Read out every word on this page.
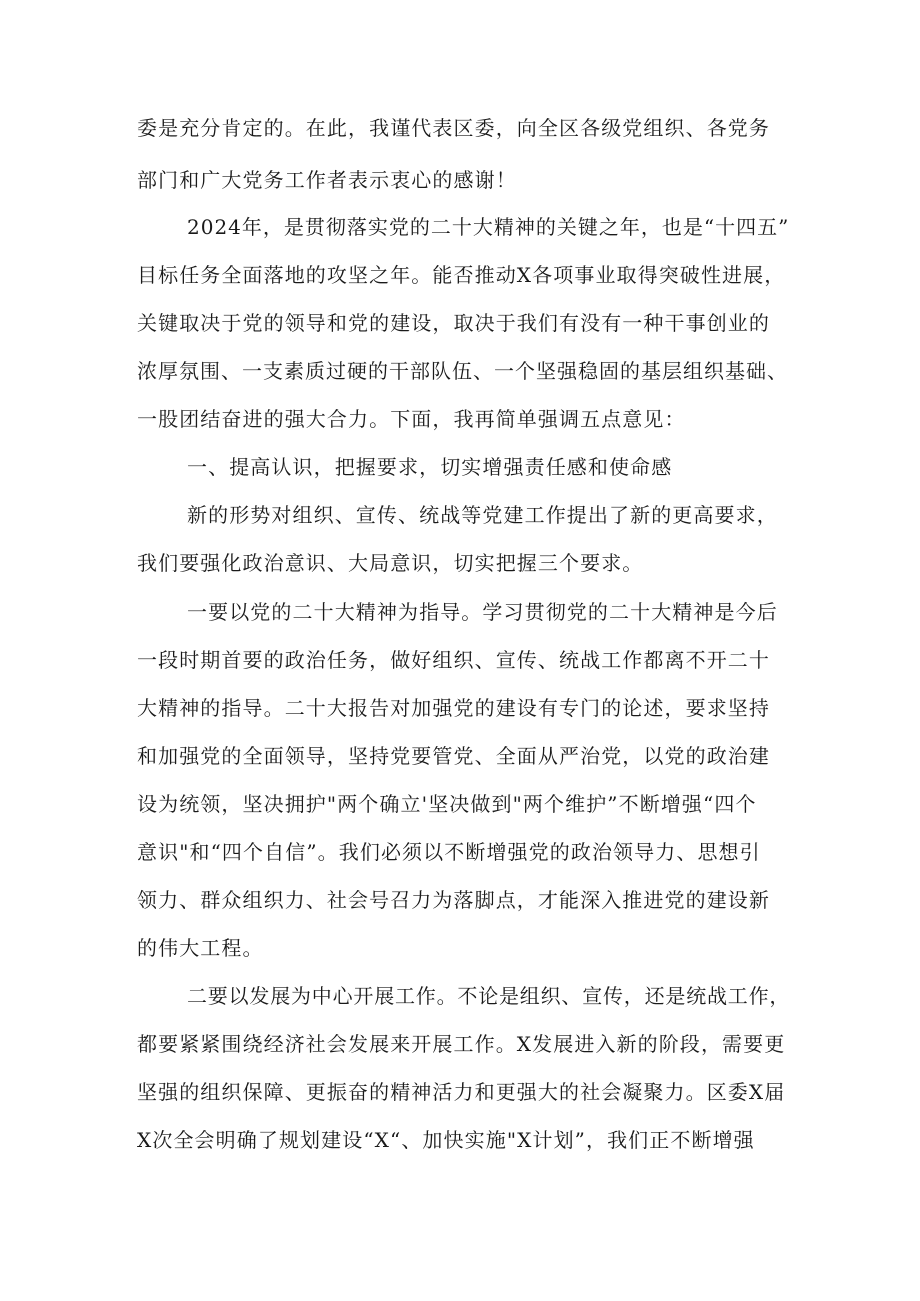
委是充分肯定的。在此，我谨代表区委，向全区各级党组织、各党务

部门和广大党务工作者表示衷心的感谢！

2024年，是贯彻落实党的二十大精神的关键之年，也是“十四五”

目标任务全面落地的攻坚之年。能否推动X各项事业取得突破性进展，

关键取决于党的领导和党的建设，取决于我们有没有一种干事创业的

浓厚氛围、一支素质过硬的干部队伍、一个坚强稳固的基层组织基础、

一股团结奋进的强大合力。下面，我再简单强调五点意见：

一、提高认识，把握要求，切实增强责任感和使命感

新的形势对组织、宣传、统战等党建工作提出了新的更高要求，

我们要强化政治意识、大局意识，切实把握三个要求。

一要以党的二十大精神为指导。学习贯彻党的二十大精神是今后

一段时期首要的政治任务，做好组织、宣传、统战工作都离不开二十

大精神的指导。二十大报告对加强党的建设有专门的论述，要求坚持

和加强党的全面领导，坚持党要管党、全面从严治党，以党的政治建

设为统领，坚决拥护"两个确立'坚决做到"两个维护”不断增强“四个

意识"和“四个自信”。我们必须以不断增强党的政治领导力、思想引

领力、群众组织力、社会号召力为落脚点，才能深入推进党的建设新

的伟大工程。

二要以发展为中心开展工作。不论是组织、宣传，还是统战工作，

都要紧紧围绕经济社会发展来开展工作。X发展进入新的阶段，需要更

坚强的组织保障、更振奋的精神活力和更强大的社会凝聚力。区委X届

X次全会明确了规划建设“X“、加快实施"X计划”，我们正不断增强
